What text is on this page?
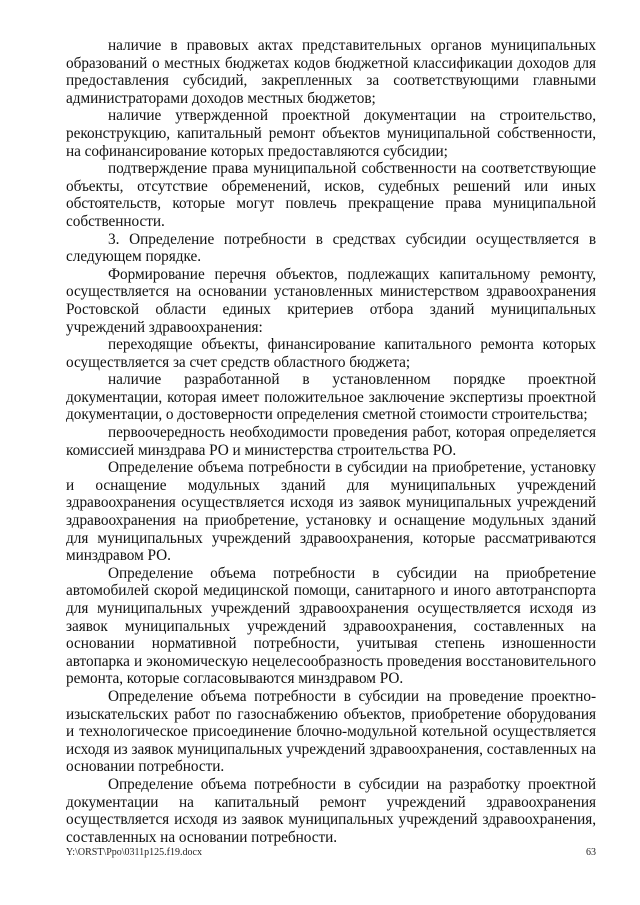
наличие в правовых актах представительных органов муниципальных образований о местных бюджетах кодов бюджетной классификации доходов для предоставления субсидий, закрепленных за соответствующими главными администраторами доходов местных бюджетов;

наличие утвержденной проектной документации на строительство, реконструкцию, капитальный ремонт объектов муниципальной собственности, на софинансирование которых предоставляются субсидии;

подтверждение права муниципальной собственности на соответствующие объекты, отсутствие обременений, исков, судебных решений или иных обстоятельств, которые могут повлечь прекращение права муниципальной собственности.

3. Определение потребности в средствах субсидии осуществляется в следующем порядке.

Формирование перечня объектов, подлежащих капитальному ремонту, осуществляется на основании установленных министерством здравоохранения Ростовской области единых критериев отбора зданий муниципальных учреждений здравоохранения:

переходящие объекты, финансирование капитального ремонта которых осуществляется за счет средств областного бюджета;

наличие разработанной в установленном порядке проектной документации, которая имеет положительное заключение экспертизы проектной документации, о достоверности определения сметной стоимости строительства;

первоочередность необходимости проведения работ, которая определяется комиссией минздрава РО и министерства строительства РО.

Определение объема потребности в субсидии на приобретение, установку и оснащение модульных зданий для муниципальных учреждений здравоохранения осуществляется исходя из заявок муниципальных учреждений здравоохранения на приобретение, установку и оснащение модульных зданий для муниципальных учреждений здравоохранения, которые рассматриваются минздравом РО.

Определение объема потребности в субсидии на приобретение автомобилей скорой медицинской помощи, санитарного и иного автотранспорта для муниципальных учреждений здравоохранения осуществляется исходя из заявок муниципальных учреждений здравоохранения, составленных на основании нормативной потребности, учитывая степень изношенности автопарка и экономическую нецелесообразность проведения восстановительного ремонта, которые согласовываются минздравом РО.

Определение объема потребности в субсидии на проведение проектно-изыскательских работ по газоснабжению объектов, приобретение оборудования и технологическое присоединение блочно-модульной котельной осуществляется исходя из заявок муниципальных учреждений здравоохранения, составленных на основании потребности.

Определение объема потребности в субсидии на разработку проектной документации на капитальный ремонт учреждений здравоохранения осуществляется исходя из заявок муниципальных учреждений здравоохранения, составленных на основании потребности.

Y:\ORST\Ppo\0311p125.f19.docx	63
